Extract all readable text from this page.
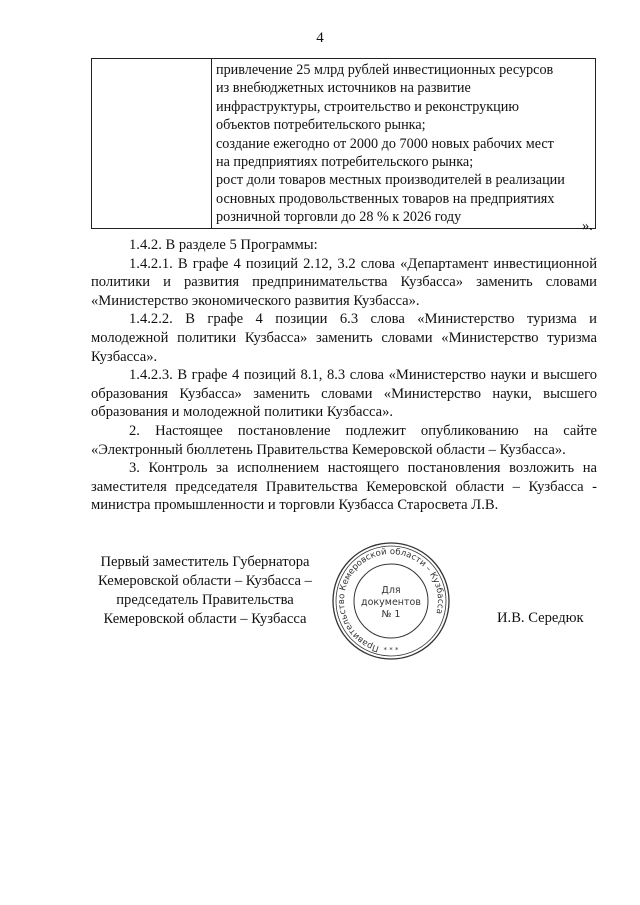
4

привлечение 25 млрд рублей инвестиционных ресурсов
из внебюджетных источников на развитие
инфраструктуры, строительство и реконструкцию
объектов потребительского рынка;
создание ежегодно от 2000 до 7000 новых рабочих мест
на предприятиях потребительского рынка;
рост доли товаров местных производителей в реализации
основных продовольственных товаров на предприятиях
розничной торговли до 28 % к 2026 году
».

1.4.2. В разделе 5 Программы:

1.4.2.1. В графе 4 позиций 2.12, 3.2 слова «Департамент инвестиционной политики и развития предпринимательства Кузбасса» заменить словами «Министерство экономического развития Кузбасса».

1.4.2.2. В графе 4 позиции 6.3 слова «Министерство туризма и молодежной политики Кузбасса» заменить словами «Министерство туризма Кузбасса».

1.4.2.3. В графе 4 позиций 8.1, 8.3 слова «Министерство науки и высшего образования Кузбасса» заменить словами «Министерство науки, высшего образования и молодежной политики Кузбасса».

2. Настоящее постановление подлежит опубликованию на сайте «Электронный бюллетень Правительства Кемеровской области – Кузбасса».

3. Контроль за исполнением настоящего постановления возложить на заместителя председателя Правительства Кемеровской области – Кузбасса - министра промышленности и торговли Кузбасса Старосвета Л.В.

Первый заместитель Губернатора
Кемеровской области – Кузбасса –
председатель Правительства
Кемеровской области – Кузбасса
Правительство Кемеровской области – Кузбасса
* * *
Для
документов
№ 1	И.В. Середюк
